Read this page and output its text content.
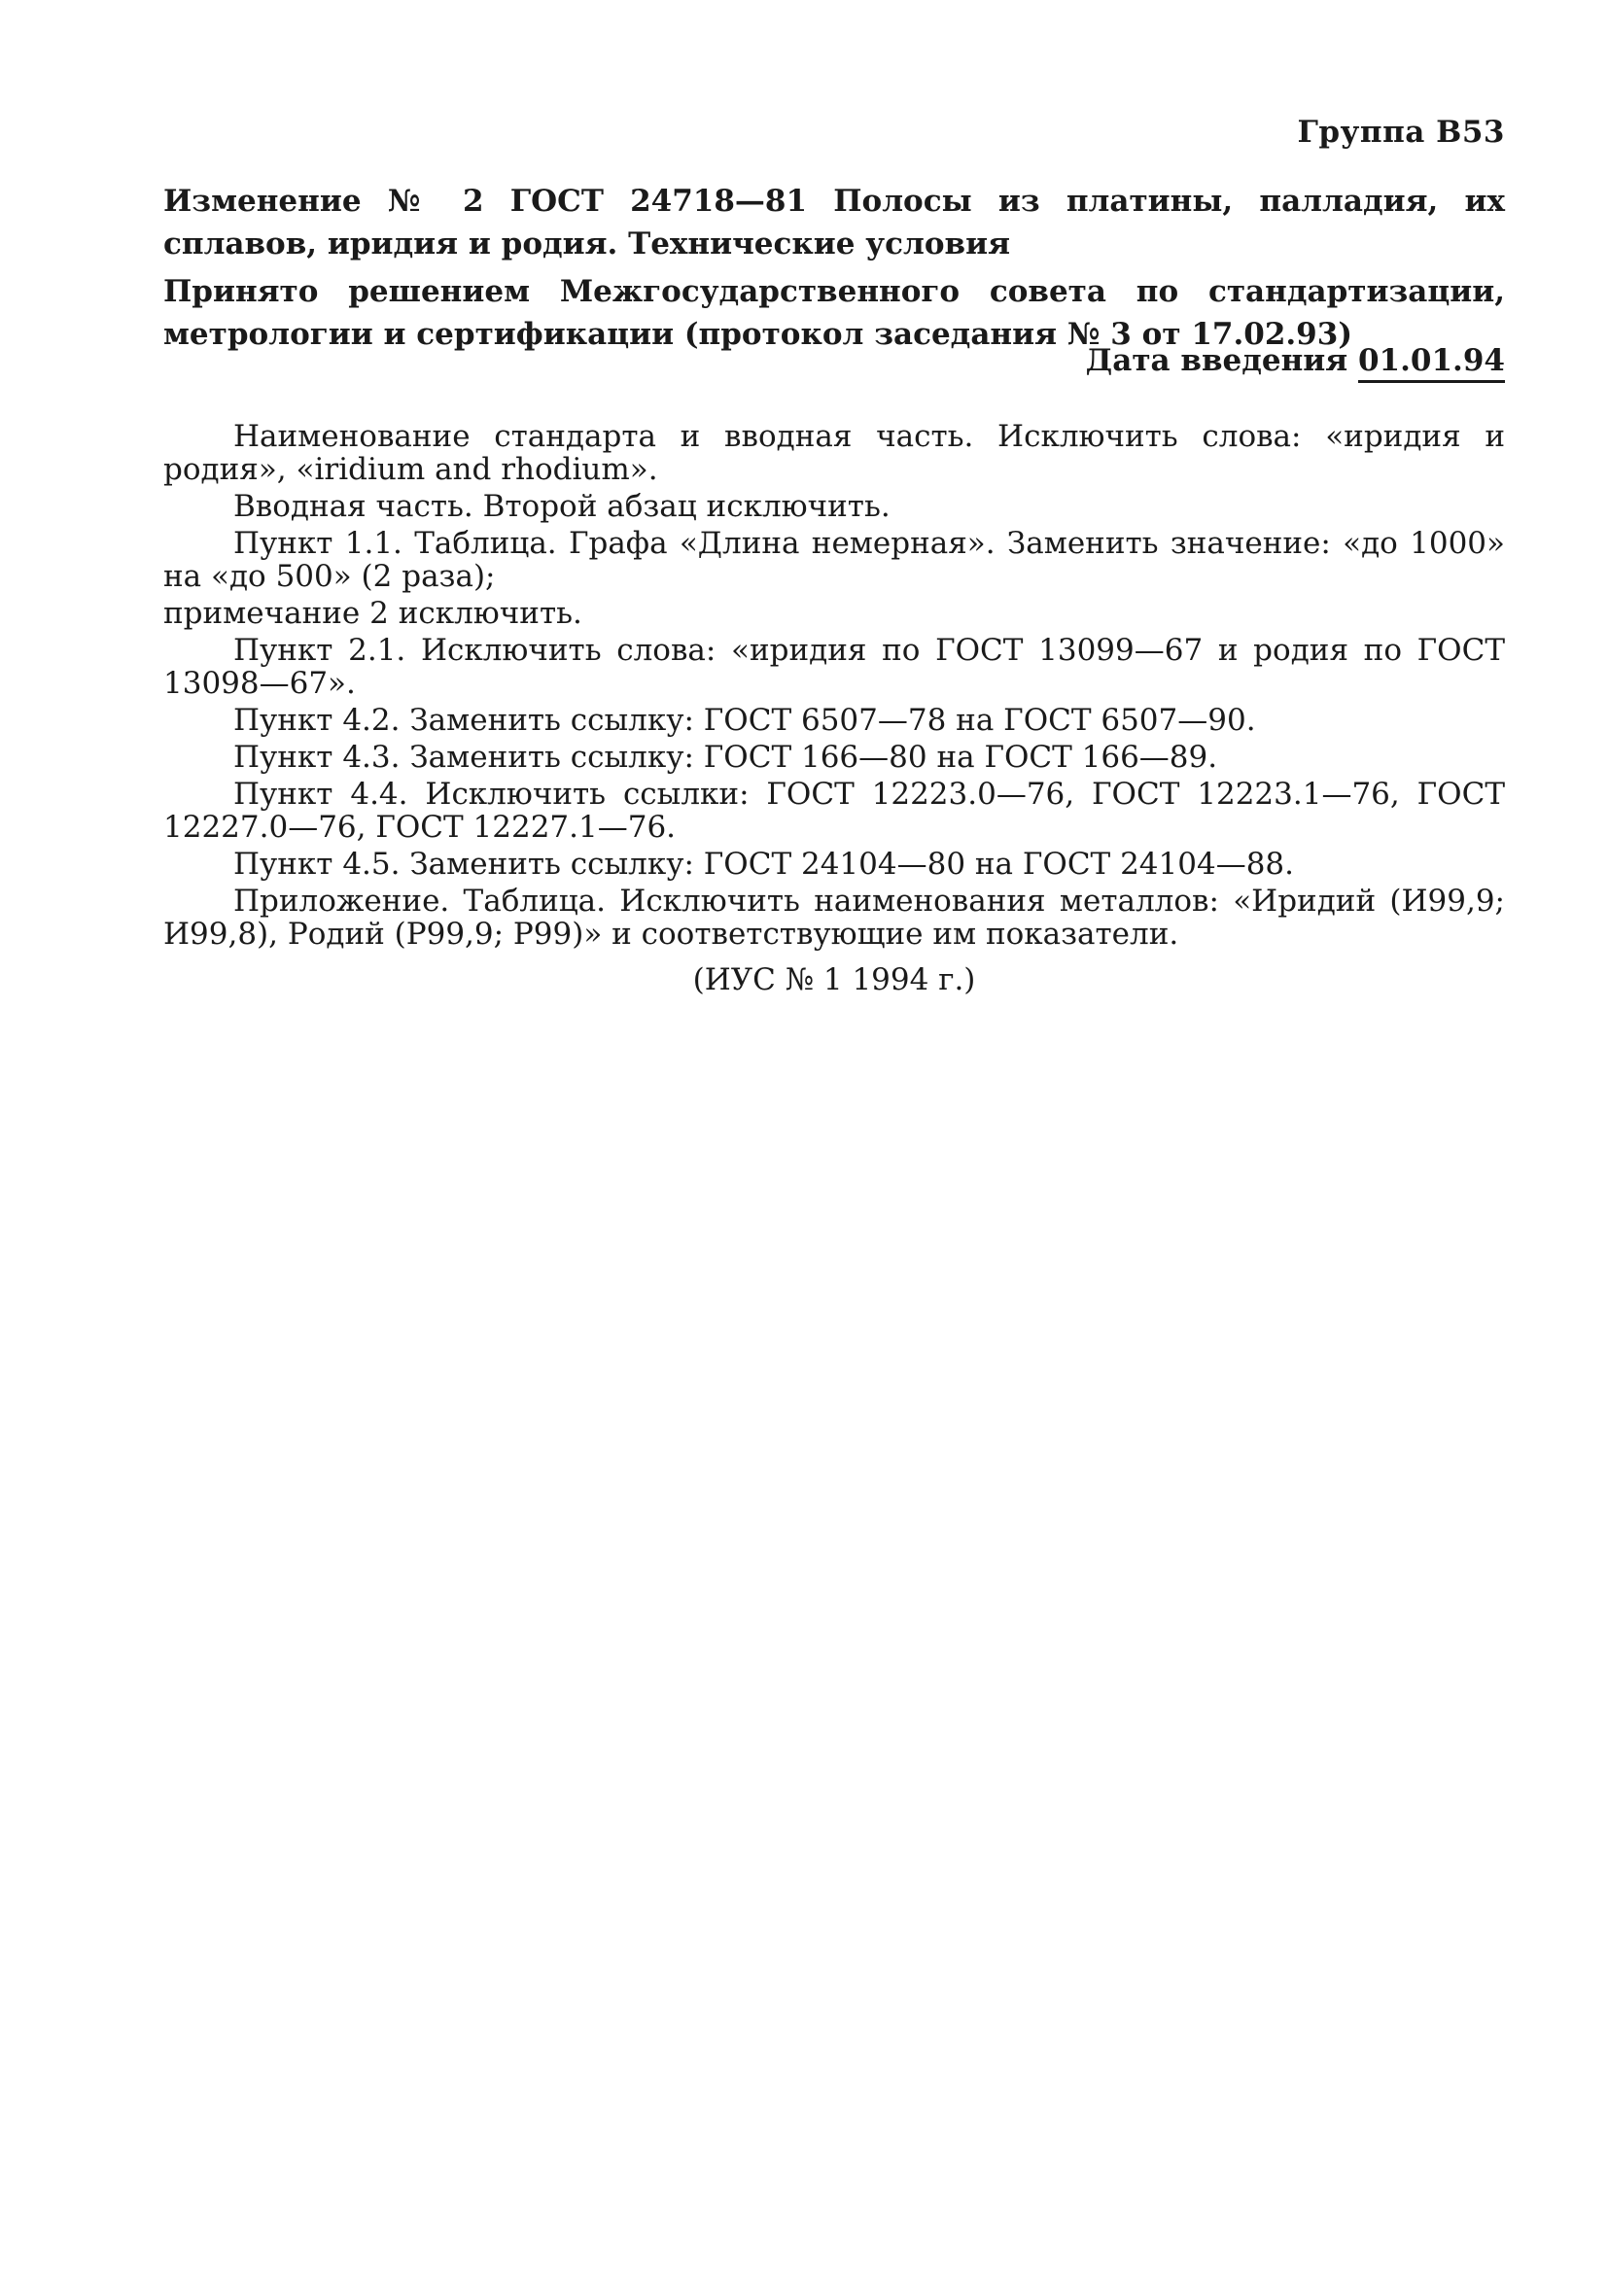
Группа В53
Изменение № 2 ГОСТ 24718—81 Полосы из платины, палладия, их сплавов, иридия и родия. Технические условия
Принято решением Межгосударственного совета по стандартизации, метрологии и сертификации (протокол заседания № 3 от 17.02.93)
Дата введения 01.01.94

Наименование стандарта и вводная часть. Исключить слова: «иридия и родия», «iridium and rhodium».

Вводная часть. Второй абзац исключить.

Пункт 1.1. Таблица. Графа «Длина немерная». Заменить значение: «до 1000» на «до 500» (2 раза);

примечание 2 исключить.

Пункт 2.1. Исключить слова: «иридия по ГОСТ 13099—67 и родия по ГОСТ 13098—67».

Пункт 4.2. Заменить ссылку: ГОСТ 6507—78 на ГОСТ 6507—90.

Пункт 4.3. Заменить ссылку: ГОСТ 166—80 на ГОСТ 166—89.

Пункт 4.4. Исключить ссылки: ГОСТ 12223.0—76, ГОСТ 12223.1—76, ГОСТ 12227.0—76, ГОСТ 12227.1—76.

Пункт 4.5. Заменить ссылку: ГОСТ 24104—80 на ГОСТ 24104—88.

Приложение. Таблица. Исключить наименования металлов: «Иридий (И99,9; И99,8), Родий (Р99,9; Р99)» и соответствующие им показатели.

(ИУС № 1 1994 г.)
